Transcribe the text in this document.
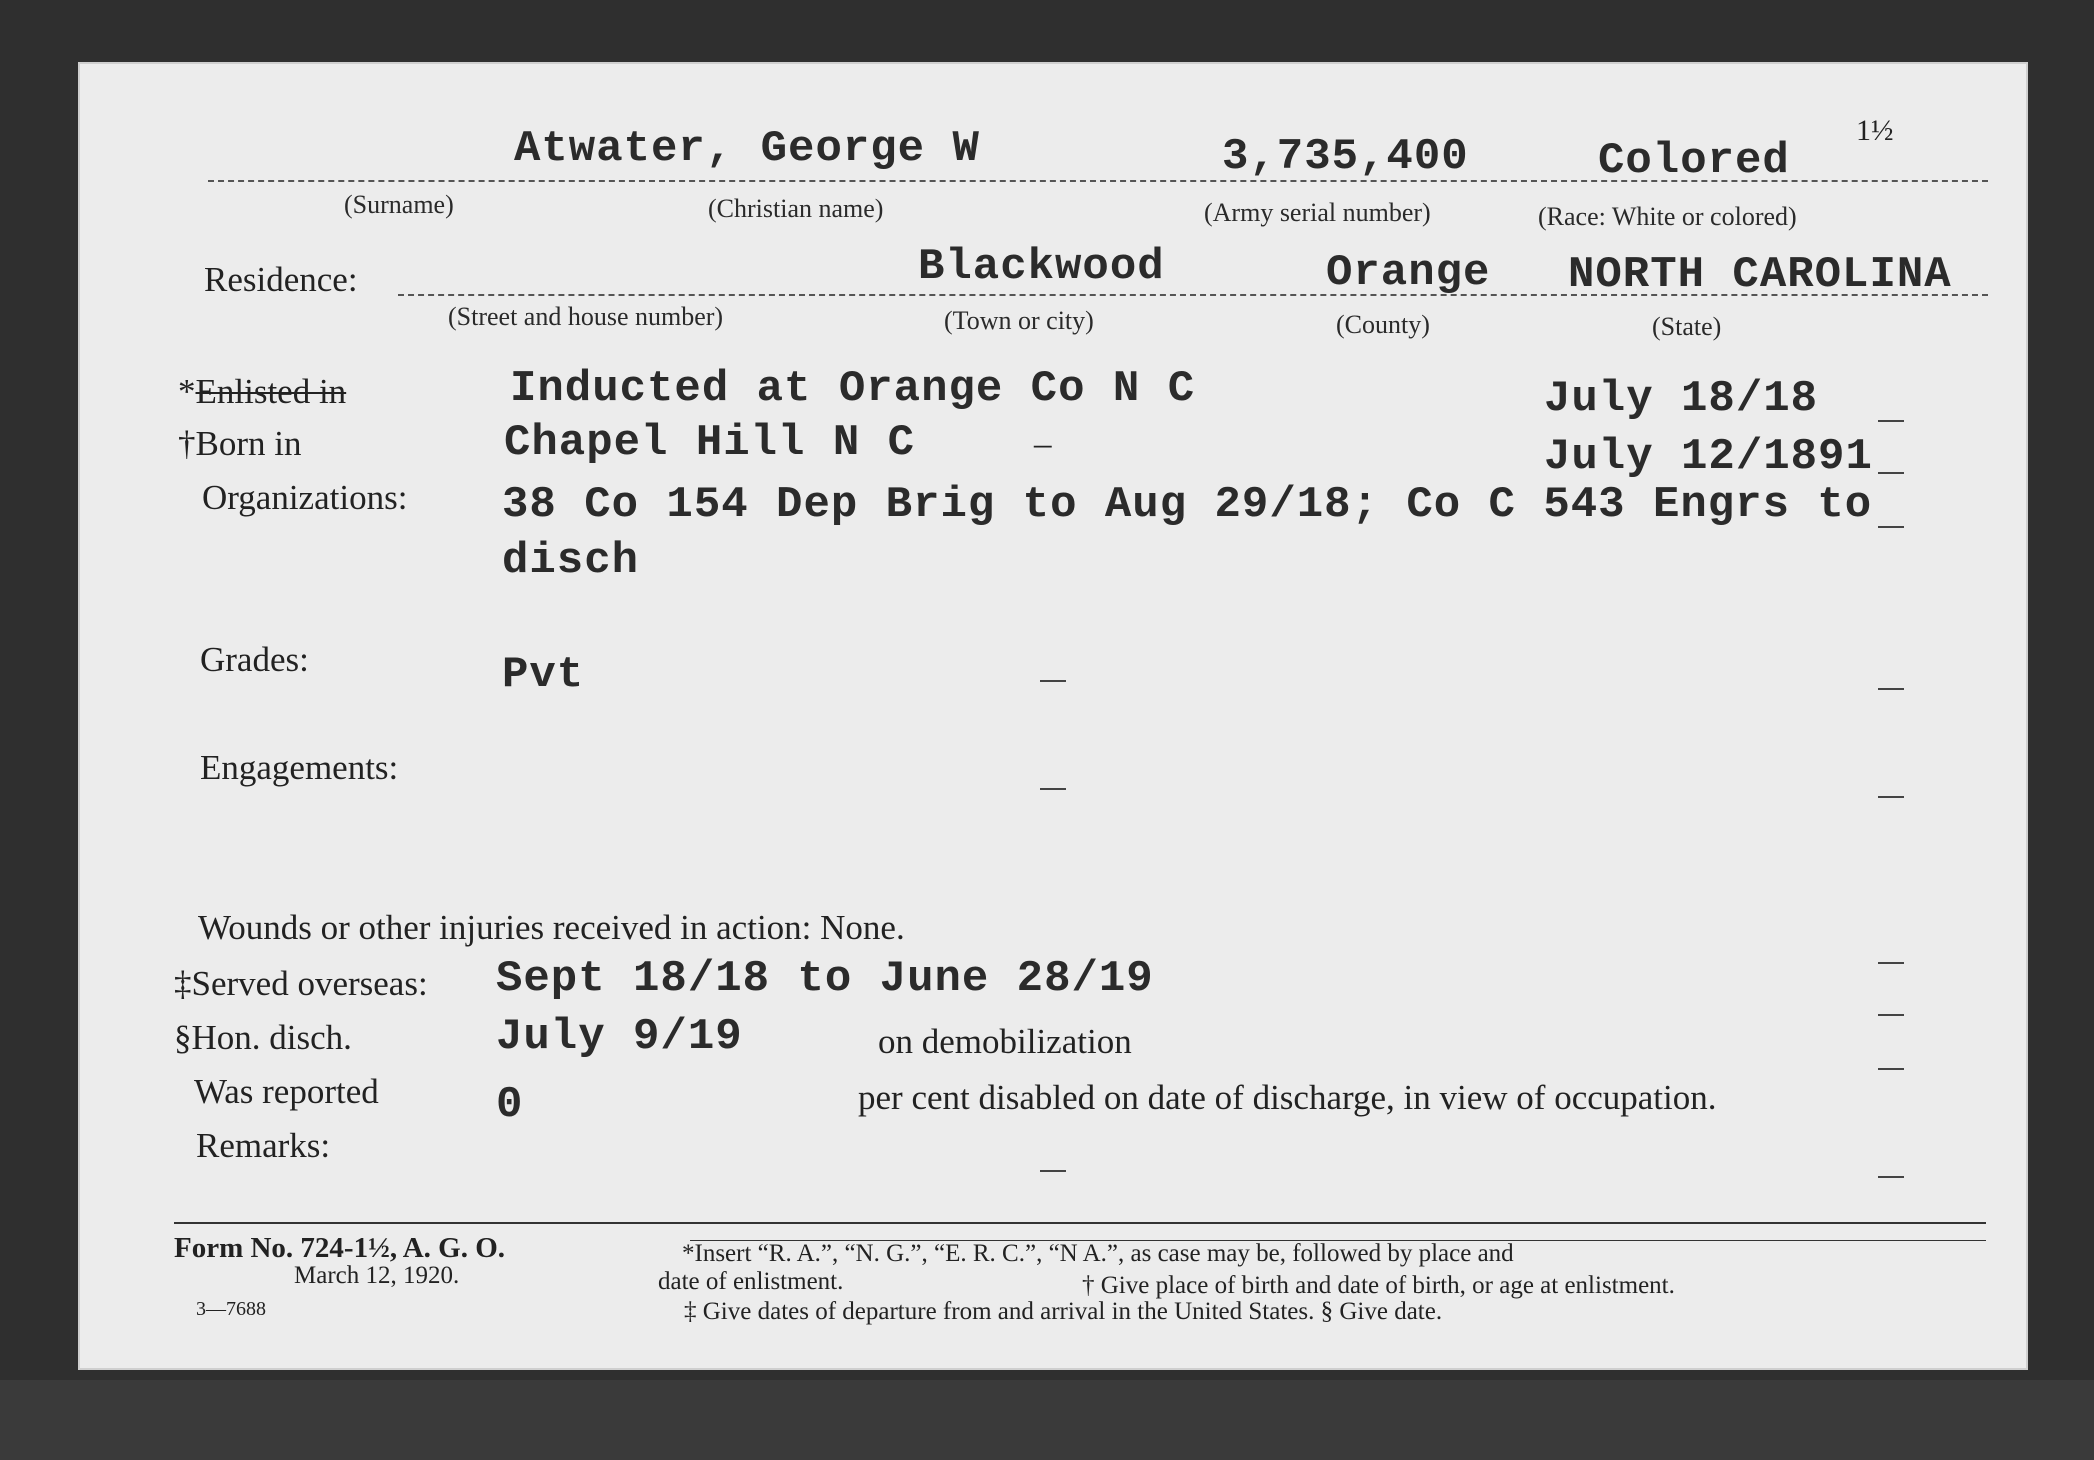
1½
Atwater, George W	3,735,400	Colored
(Surname)	(Christian name)	(Army serial number)	(Race: White or colored)
Residence:	Blackwood	Orange NORTH CAROLINA
(Street and house number)	(Town or city)	(County)	(State)
*Enlisted in	Inducted at Orange Co N C	July 18/18
†Born in	Chapel Hill N C	–	July 12/1891
Organizations: 38 Co 154 Dep Brig to Aug 29/18; Co C 543 Engrs to
disch
Grades:	Pvt
Engagements:
Wounds or other injuries received in action: None.
‡Served overseas: Sept 18/18 to June 28/19
§Hon. disch.	July 9/19	on demobilization
Was reported	0	per cent disabled on date of discharge, in view of occupation.
Remarks:
Form No. 724-1½, A. G. O.
March 12, 1920.
3—7688
*Insert “R. A.”, “N. G.”, “E. R. C.”, “N A.”, as case may be, followed by place and
date of enlistment.	† Give place of birth and date of birth, or age at enlistment.
‡ Give dates of departure from and arrival in the United States. § Give date.
